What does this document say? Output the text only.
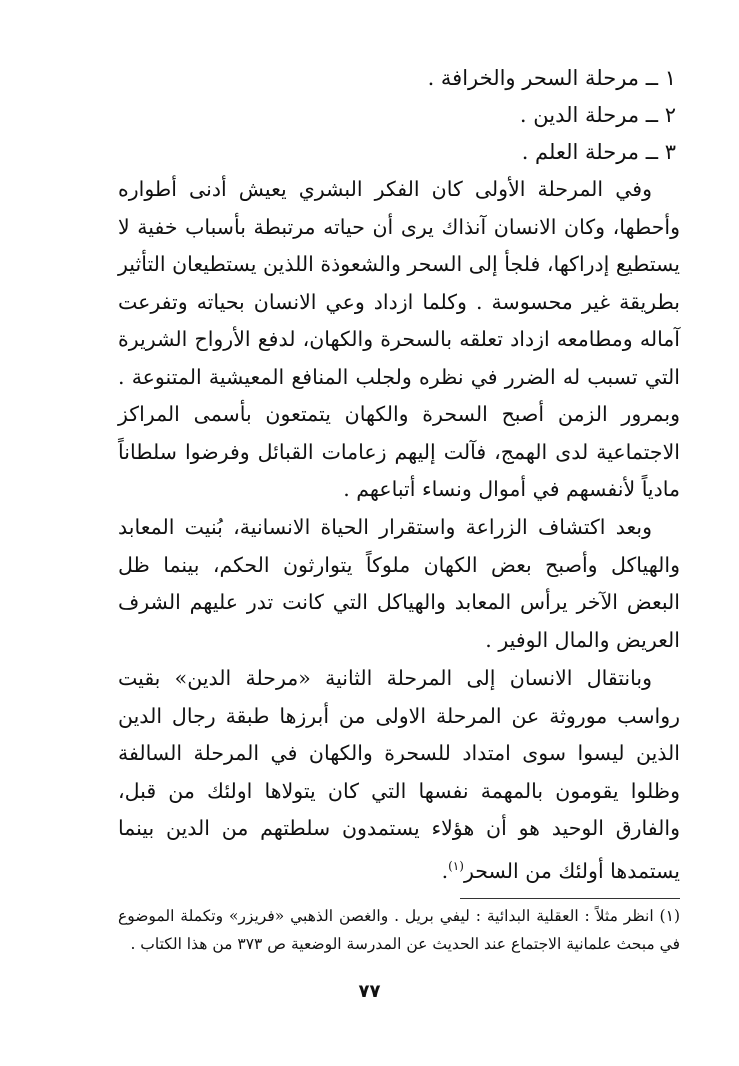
١ ــ مرحلة السحر والخرافة .
٢ ــ مرحلة الدين .
٣ ــ مرحلة العلم .

وفي المرحلة الأولى كان الفكر البشري يعيش أدنى أطواره وأحطها، وكان الانسان آنذاك يرى أن حياته مرتبطة بأسباب خفية لا يستطيع إدراكها، فلجأ إلى السحر والشعوذة اللذين يستطيعان التأثير بطريقة غير محسوسة . وكلما ازداد وعي الانسان بحياته وتفرعت آماله ومطامعه ازداد تعلقه بالسحرة والكهان، لدفع الأرواح الشريرة التي تسبب له الضرر في نظره ولجلب المنافع المعيشية المتنوعة . وبمرور الزمن أصبح السحرة والكهان يتمتعون بأسمى المراكز الاجتماعية لدى الهمج، فآلت إليهم زعامات القبائل وفرضوا سلطاناً مادياً لأنفسهم في أموال ونساء أتباعهم .

وبعد اكتشاف الزراعة واستقرار الحياة الانسانية، بُنيت المعابد والهياكل وأصبح بعض الكهان ملوكاً يتوارثون الحكم، بينما ظل البعض الآخر يرأس المعابد والهياكل التي كانت تدر عليهم الشرف العريض والمال الوفير .

وبانتقال الانسان إلى المرحلة الثانية «مرحلة الدين» بقيت رواسب موروثة عن المرحلة الاولى من أبرزها طبقة رجال الدين الذين ليسوا سوى امتداد للسحرة والكهان في المرحلة السالفة وظلوا يقومون بالمهمة نفسها التي كان يتولاها اولئك من قبل، والفارق الوحيد هو أن هؤلاء يستمدون سلطتهم من الدين بينما يستمدها أولئك من السحر$^{(١)}$.

(١) انظر مثلاً : العقلية البدائية : ليفي بريل . والغصن الذهبي «فريزر» وتكملة الموضوع في مبحث علمانية الاجتماع عند الحديث عن المدرسة الوضعية ص ٣٧٣ من هذا الكتاب .
٧٧
